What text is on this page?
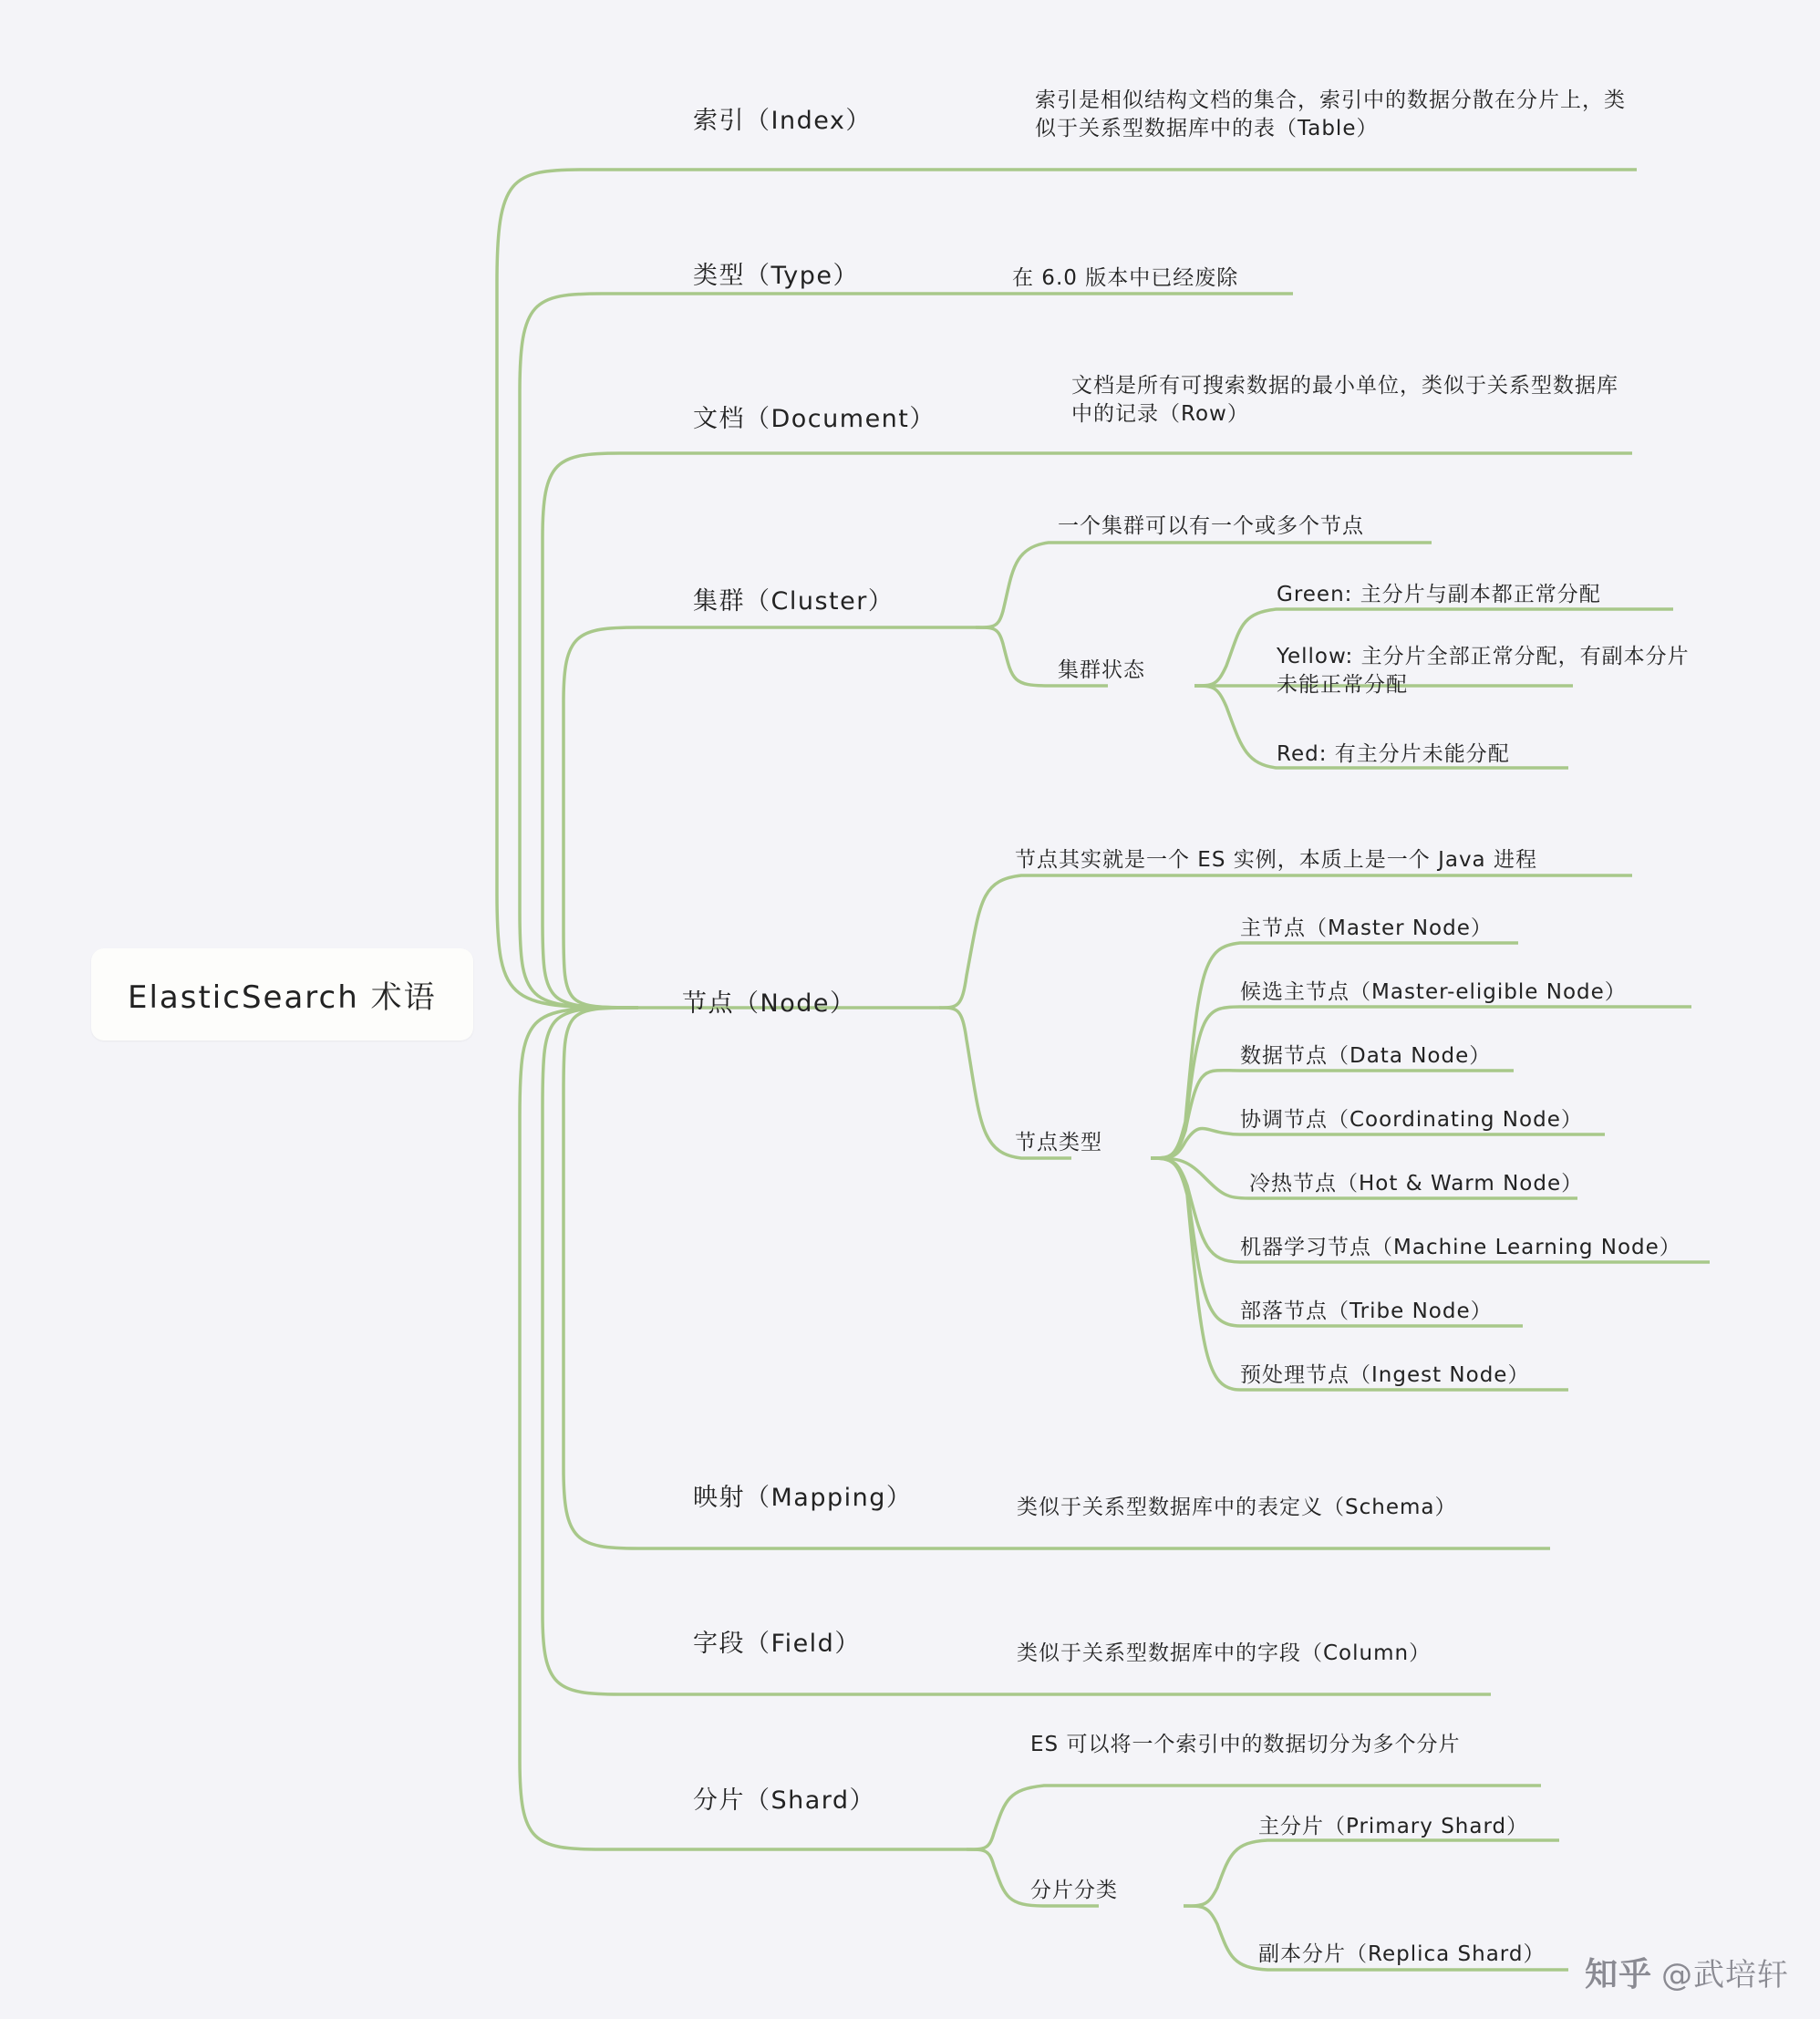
ElasticSearch 术语
索引（Index）
索引是相似结构文档的集合，索引中的数据分散在分片上，类似于关系型数据库中的表（Table）
类型（Type）	在 6.0 版本中已经废除
文档（Document）
文档是所有可搜索数据的最小单位，类似于关系型数据库中的记录（Row）
集群（Cluster）
一个集群可以有一个或多个节点
集群状态
Green: 主分片与副本都正常分配
Yellow: 主分片全部正常分配，有副本分片未能正常分配
Red: 有主分片未能分配
节点（Node）
节点其实就是一个 ES 实例，本质上是一个 Java 进程
节点类型
主节点（Master Node）
候选主节点（Master-eligible Node）
数据节点（Data Node）
协调节点（Coordinating Node）
冷热节点（Hot & Warm Node）
机器学习节点（Machine Learning Node）
部落节点（Tribe Node）
预处理节点（Ingest Node）
映射（Mapping）	类似于关系型数据库中的表定义（Schema）
字段（Field）	类似于关系型数据库中的字段（Column）
分片（Shard）
ES 可以将一个索引中的数据切分为多个分片
分片分类
主分片（Primary Shard）
副本分片（Replica Shard）
知乎 @武培轩
